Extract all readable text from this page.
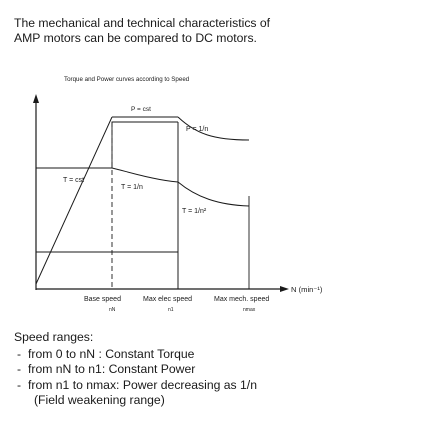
The mechanical and technical characteristics of
AMP motors can be compared to DC motors.
Torque and Power curves according to Speed
P = cst
P = 1/n
T = cst
T = 1/n
T = 1/n²
N (min⁻¹)
Base speed
nN
Max elec speed
n1
Max mech. speed
nmax
Speed ranges:
- from 0 to nN : Constant Torque
- from nN to n1: Constant Power
- from n1 to nmax: Power decreasing as 1/n
(Field weakening range)
